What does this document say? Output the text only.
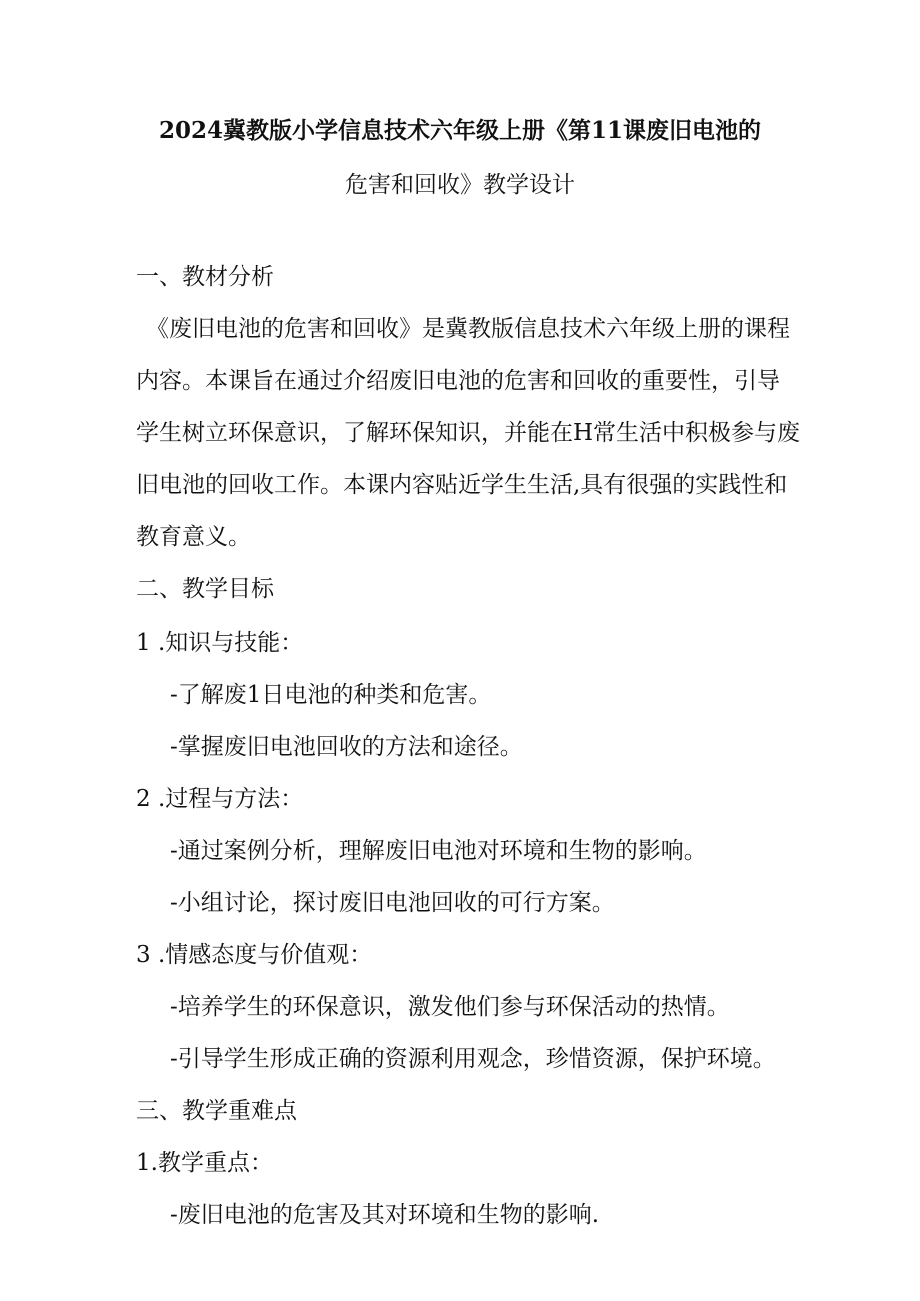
2024冀教版小学信息技术六年级上册《第11课废旧电池的
危害和回收》教学设计
一、教材分析
《废旧电池的危害和回收》是冀教版信息技术六年级上册的课程
内容。本课旨在通过介绍废旧电池的危害和回收的重要性，引导
学生树立环保意识，了解环保知识，并能在H常生活中积极参与废
旧电池的回收工作。本课内容贴近学生生活,具有很强的实践性和
教育意义。
二、教学目标
1 .知识与技能：
-了解废1日电池的种类和危害。
-掌握废旧电池回收的方法和途径。
2 .过程与方法：
-通过案例分析，理解废旧电池对环境和生物的影响。
-小组讨论，探讨废旧电池回收的可行方案。
3 .情感态度与价值观：
-培养学生的环保意识，激发他们参与环保活动的热情。
-引导学生形成正确的资源利用观念，珍惜资源，保护环境。
三、教学重难点
1.教学重点：
-废旧电池的危害及其对环境和生物的影响.
